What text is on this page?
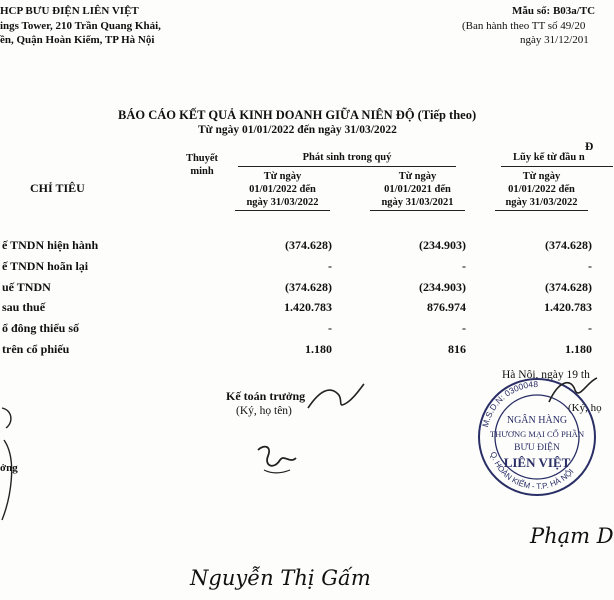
HCP BƯU ĐIỆN LIÊN VIỆT
ings Tower, 210 Trần Quang Khải,
ền, Quận Hoàn Kiếm, TP Hà Nội
Mẫu số: B03a/TC
(Ban hành theo TT số 49/20
ngày 31/12/201
BÁO CÁO KẾT QUẢ KINH DOANH GIỮA NIÊN ĐỘ (Tiếp theo)
Từ ngày 01/01/2022 đến ngày 31/03/2022
Đ
CHỈ TIÊU
Thuyết
minh
Phát sinh trong quý	Lũy kế từ đầu n
Từ ngày
01/01/2022 đến
ngày 31/03/2022
Từ ngày
01/01/2021 đến
ngày 31/03/2021
Từ ngày
01/01/2022 đến
ngày 31/03/2022
ế TNDN hiện hành	(374.628)	(234.903)	(374.628)
ế TNDN hoãn lại	-	-	-
uế TNDN	(374.628)	(234.903)	(374.628)
sau thuế	1.420.783	876.974	1.420.783
ổ đông thiểu số	-	-	-
trên cổ phiếu	1.180	816	1.180
Kế toán trưởng
(Ký, họ tên)
Nguyễn Thị Gấm
ởng
Hà Nội, ngày 19 th
(Ký, họ
M.S.D.N: 0300048
Q. HOÀN KIẾM - T.P. HÀ NỘI
NGÂN HÀNG
THƯƠNG MẠI CỔ PHẦN
BƯU ĐIỆN
LIÊN VIỆT
Phạm D
